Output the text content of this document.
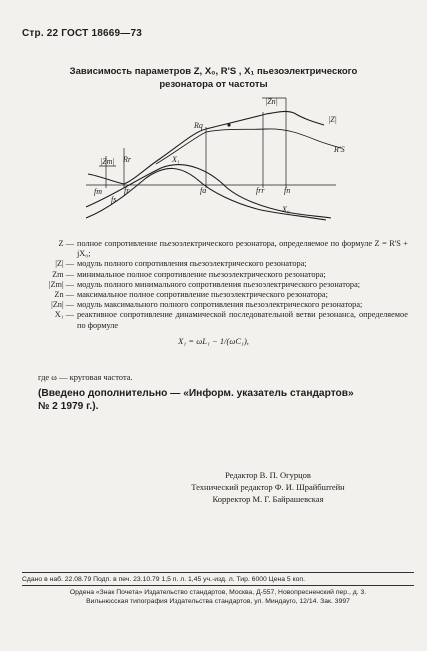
Стр. 22 ГОСТ 18669—73
Зависимость параметров Z, X₀, R'S , X₁ пьезоэлектрического
резонатора от частоты
|Zm|
|Zn|
|Z|
Rq
Rr
R'S
X₁
X₀
fm
fs
fr	fa	frr fn
Z — полное сопротивление пьезоэлектрического резонатора, определяемое по формуле Z = R'S + jX₀;
|Z| — модуль полного сопротивления пьезоэлектрического резонатора;
Zm — минимальное полное сопротивление пьезоэлектрического резонатора;
|Zm| — модуль полного минимального сопротивления пьезоэлектрического резонатора;
Zn — максимальное полное сопротивление пьезоэлектрического резонатора;
|Zn| — модуль максимального полного сопротивления пьезоэлектрического резонатора;
X₁ — реактивное сопротивление динамической последовательной ветви резонанса, определяемое по формуле
X₁ = ωL₁ − 1/(ωC₁),
где ω — круговая частота.
(Введено дополнительно — «Информ. указатель стандартов»
№ 2 1979 г.).
Редактор В. П. Огурцов
Технический редактор Ф. И. Шрайбштейн
Корректор М. Г. Байрашевская
Сдано в наб. 22.08.79 Подп. в печ. 23.10.79 1,5 п. л. 1,45 уч.-изд. л. Тир. 6000 Цена 5 коп.
Ордена «Знак Почета» Издательство стандартов, Москва, Д-557, Новопресненский пер., д. 3.
Вильнюсская типография Издательства стандартов, ул. Миндауго, 12/14. Зак. 3997
